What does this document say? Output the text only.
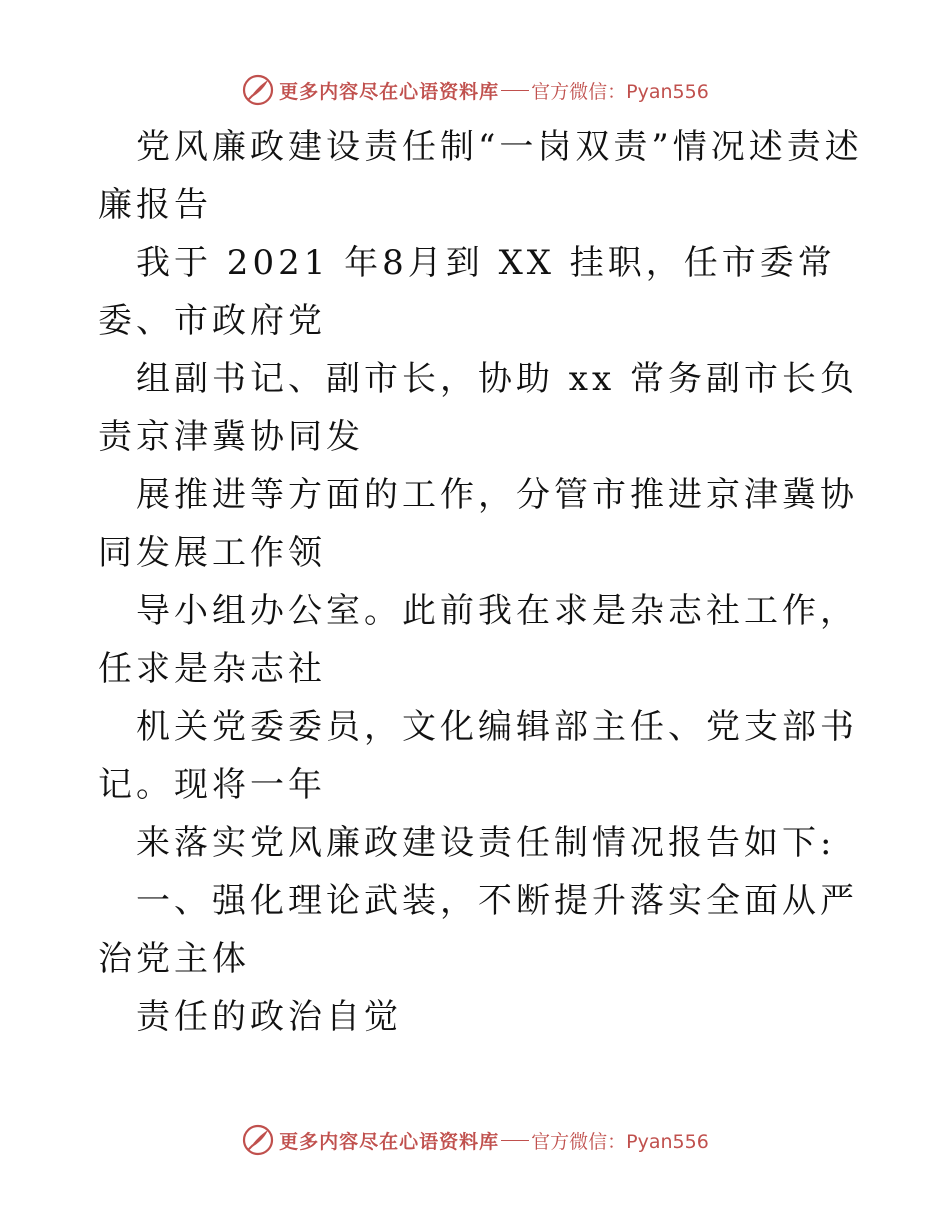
更多内容尽在心语资料库 官方微信：Pyan556

党风廉政建设责任制“一岗双责”情况述责述廉报告

我于 2021 年8月到 XX 挂职，任市委常委、市政府党

组副书记、副市长，协助 xx 常务副市长负责京津冀协同发

展推进等方面的工作，分管市推进京津冀协同发展工作领

导小组办公室。此前我在求是杂志社工作，任求是杂志社

机关党委委员，文化编辑部主任、党支部书记。现将一年

来落实党风廉政建设责任制情况报告如下:

一、强化理论武装，不断提升落实全面从严治党主体

责任的政治自觉

更多内容尽在心语资料库 官方微信：Pyan556
